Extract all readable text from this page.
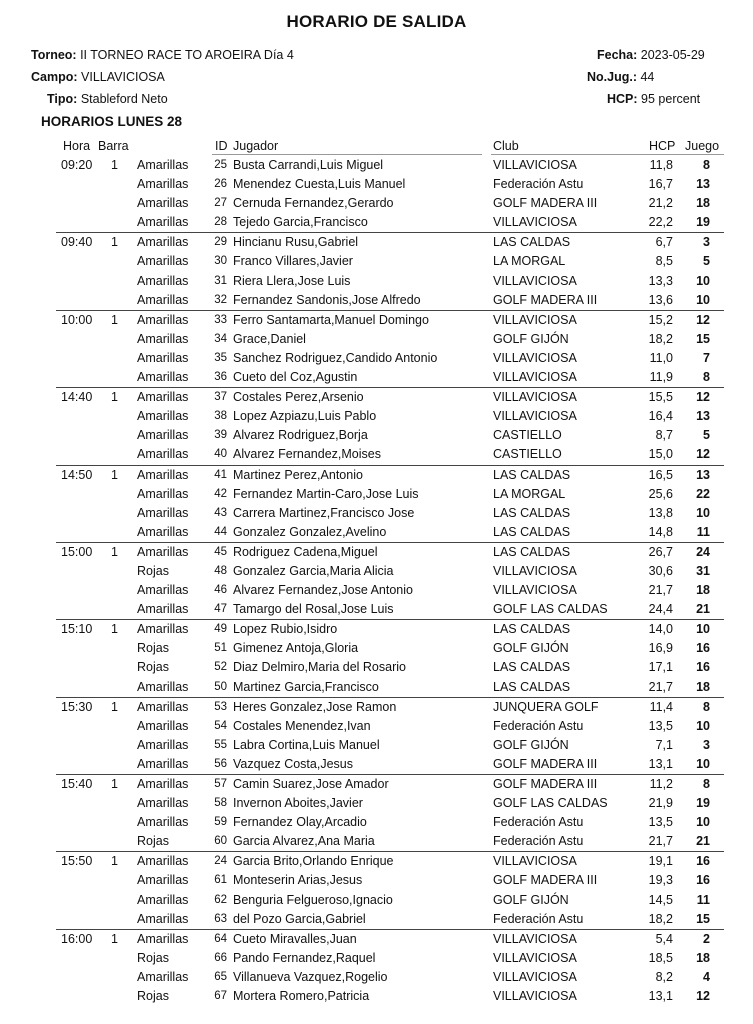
HORARIO DE SALIDA
Torneo: II TORNEO RACE TO AROEIRA Día 4
Campo: VILLAVICIOSA
Tipo: Stableford Neto
Fecha: 2023-05-29
No.Jug.: 44
HCP: 95 percent
HORARIOS LUNES 28
Hora Barra	ID Jugador	Club	HCP Juego
09:20 1 Amarillas	25 Busta Carrandi,Luis Miguel	VILLAVICIOSA	11,8	8
Amarillas	26 Menendez Cuesta,Luis Manuel	Federación Astu	16,7	13
Amarillas	27 Cernuda Fernandez,Gerardo	GOLF MADERA III	21,2	18
Amarillas	28 Tejedo Garcia,Francisco	VILLAVICIOSA	22,2	19
09:40 1 Amarillas	29 Hincianu Rusu,Gabriel	LAS CALDAS	6,7	3
Amarillas	30 Franco Villares,Javier	LA MORGAL	8,5	5
Amarillas	31 Riera Llera,Jose Luis	VILLAVICIOSA	13,3	10
Amarillas	32 Fernandez Sandonis,Jose Alfredo	GOLF MADERA III	13,6	10
10:00 1 Amarillas	33 Ferro Santamarta,Manuel Domingo	VILLAVICIOSA	15,2	12
Amarillas	34 Grace,Daniel	GOLF GIJÓN	18,2	15
Amarillas	35 Sanchez Rodriguez,Candido Antonio	VILLAVICIOSA	11,0	7
Amarillas	36 Cueto del Coz,Agustin	VILLAVICIOSA	11,9	8
14:40 1 Amarillas	37 Costales Perez,Arsenio	VILLAVICIOSA	15,5	12
Amarillas	38 Lopez Azpiazu,Luis Pablo	VILLAVICIOSA	16,4	13
Amarillas	39 Alvarez Rodriguez,Borja	CASTIELLO	8,7	5
Amarillas	40 Alvarez Fernandez,Moises	CASTIELLO	15,0	12
14:50 1 Amarillas	41 Martinez Perez,Antonio	LAS CALDAS	16,5	13
Amarillas	42 Fernandez Martin-Caro,Jose Luis	LA MORGAL	25,6	22
Amarillas	43 Carrera Martinez,Francisco Jose	LAS CALDAS	13,8	10
Amarillas	44 Gonzalez Gonzalez,Avelino	LAS CALDAS	14,8	11
15:00 1 Amarillas	45 Rodriguez Cadena,Miguel	LAS CALDAS	26,7	24
Rojas	48 Gonzalez Garcia,Maria Alicia	VILLAVICIOSA	30,6	31
Amarillas	46 Alvarez Fernandez,Jose Antonio	VILLAVICIOSA	21,7	18
Amarillas	47 Tamargo del Rosal,Jose Luis	GOLF LAS CALDAS	24,4	21
15:10 1 Amarillas	49 Lopez Rubio,Isidro	LAS CALDAS	14,0	10
Rojas	51 Gimenez Antoja,Gloria	GOLF GIJÓN	16,9	16
Rojas	52 Diaz Delmiro,Maria del Rosario	LAS CALDAS	17,1	16
Amarillas	50 Martinez Garcia,Francisco	LAS CALDAS	21,7	18
15:30 1 Amarillas	53 Heres Gonzalez,Jose Ramon	JUNQUERA GOLF	11,4	8
Amarillas	54 Costales Menendez,Ivan	Federación Astu	13,5	10
Amarillas	55 Labra Cortina,Luis Manuel	GOLF GIJÓN	7,1	3
Amarillas	56 Vazquez Costa,Jesus	GOLF MADERA III	13,1	10
15:40 1 Amarillas	57 Camin Suarez,Jose Amador	GOLF MADERA III	11,2	8
Amarillas	58 Invernon Aboites,Javier	GOLF LAS CALDAS	21,9	19
Amarillas	59 Fernandez Olay,Arcadio	Federación Astu	13,5	10
Rojas	60 Garcia Alvarez,Ana Maria	Federación Astu	21,7	21
15:50 1 Amarillas	24 Garcia Brito,Orlando Enrique	VILLAVICIOSA	19,1	16
Amarillas	61 Monteserin Arias,Jesus	GOLF MADERA III	19,3	16
Amarillas	62 Benguria Felgueroso,Ignacio	GOLF GIJÓN	14,5	11
Amarillas	63 del Pozo Garcia,Gabriel	Federación Astu	18,2	15
16:00 1 Amarillas	64 Cueto Miravalles,Juan	VILLAVICIOSA	5,4	2
Rojas	66 Pando Fernandez,Raquel	VILLAVICIOSA	18,5	18
Amarillas	65 Villanueva Vazquez,Rogelio	VILLAVICIOSA	8,2	4
Rojas	67 Mortera Romero,Patricia	VILLAVICIOSA	13,1	12
